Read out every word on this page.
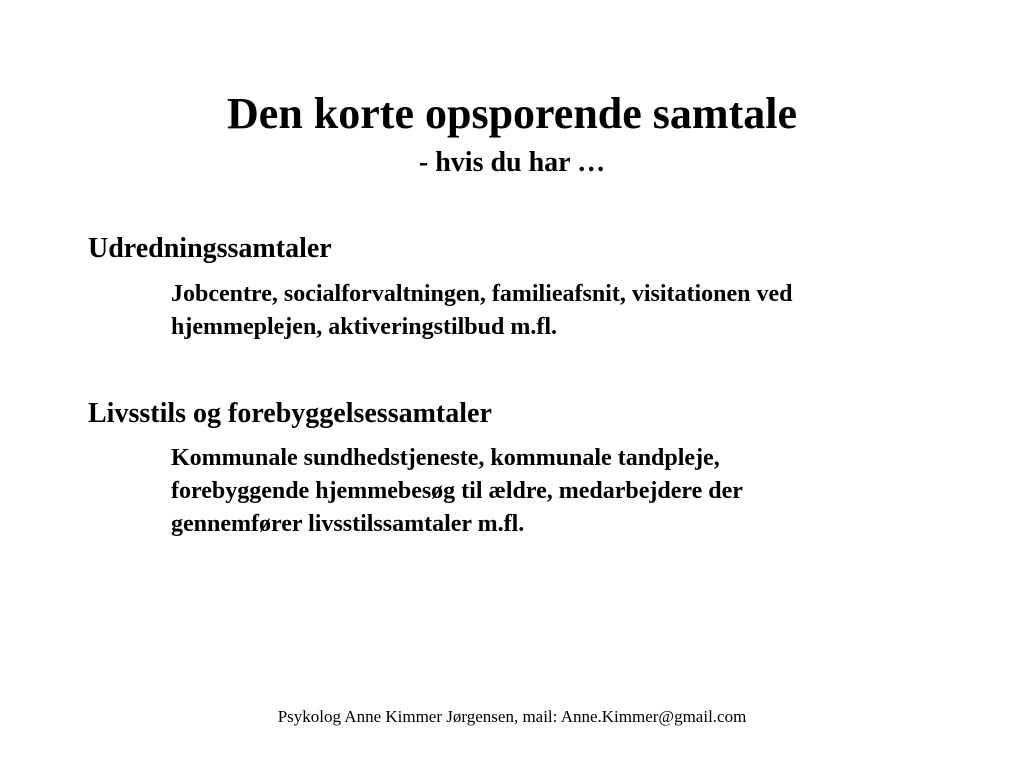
Den korte opsporende samtale
- hvis du har …
Udredningssamtaler
Jobcentre, socialforvaltningen, familieafsnit, visitationen ved
hjemmeplejen, aktiveringstilbud m.fl.
Livsstils og forebyggelsessamtaler
Kommunale sundhedstjeneste, kommunale tandpleje,
forebyggende hjemmebesøg til ældre, medarbejdere der
gennemfører livsstilssamtaler m.fl.

Psykolog Anne Kimmer Jørgensen, mail: Anne.Kimmer@gmail.com
